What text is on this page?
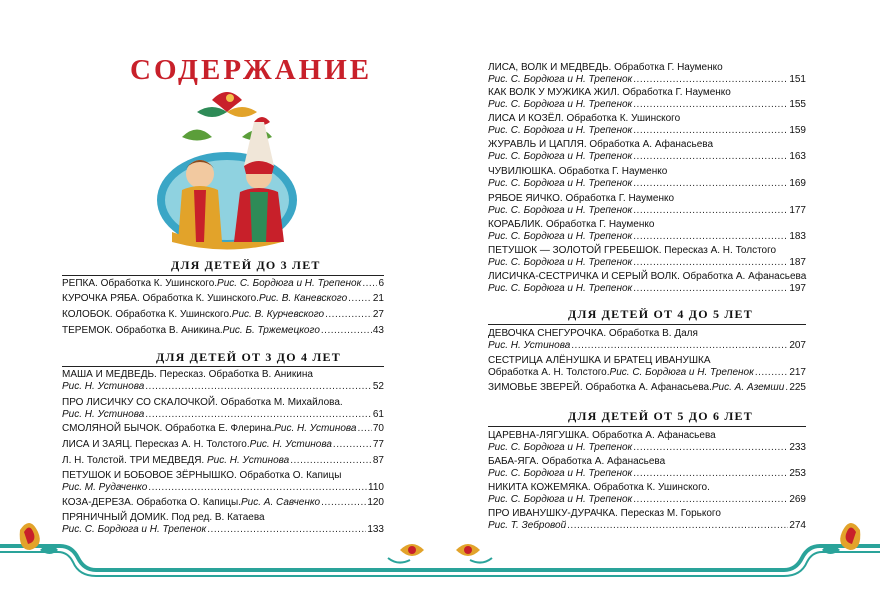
СОДЕРЖАНИЕ
ДЛЯ ДЕТЕЙ ДО 3 ЛЕТ
РЕПКА.
Обработка К. Ушинского. Рис. С. Бордюга и Н. Трепенок ..... 6
КУРОЧКА РЯБА.
Обработка К. Ушинского. Рис. В. Каневского .....	21
КОЛОБОК.
Обработка К. Ушинского. Рис. В. Курчевского .....	27
ТЕРЕМОК.
Обработка В. Аникина. Рис. Б. Тржемецкого .....	43
ДЛЯ ДЕТЕЙ ОТ 3 ДО 4 ЛЕТ
МАША И МЕДВЕДЬ.
Пересказ. Обработка В. Аникина
Рис. Н. Устинова .....	52
ПРО ЛИСИЧКУ СО СКАЛОЧКОЙ.
Обработка М. Михайлова.
Рис. Н. Устинова .....	61
СМОЛЯНОЙ БЫЧОК.
Обработка Е. Флерина. Рис. Н. Устинова ..... 70
ЛИСА И ЗАЯЦ.
Пересказ А. Н. Толстого. Рис. Н. Устинова .....	77
Л. Н. Толстой. ТРИ МЕДВЕДЯ.
Рис. Н. Устинова .....	87
ПЕТУШОК И БОБОВОЕ ЗЁРНЫШКО.
Обработка О. Капицы
Рис. М. Рудаченко .....	110
КОЗА-ДЕРЕЗА.
Обработка О. Капицы. Рис. А. Савченко .....	120
ПРЯНИЧНЫЙ ДОМИК.
Под ред. В. Катаева
Рис. С. Бордюга и Н. Трепенок .....	133
ЛИСА, ВОЛК И МЕДВЕДЬ.
Обработка Г. Науменко
Рис. С. Бордюга и Н. Трепенок .....	151
КАК ВОЛК У МУЖИКА ЖИЛ.
Обработка Г. Науменко
Рис. С. Бордюга и Н. Трепенок .....	155
ЛИСА И КОЗЁЛ.
Обработка К. Ушинского
Рис. С. Бордюга и Н. Трепенок .....	159
ЖУРАВЛЬ И ЦАПЛЯ.
Обработка А. Афанасьева
Рис. С. Бордюга и Н. Трепенок .....	163
ЧУВИЛЮШКА.
Обработка Г. Науменко
Рис. С. Бордюга и Н. Трепенок .....	169
РЯБОЕ ЯИЧКО.
Обработка Г. Науменко
Рис. С. Бордюга и Н. Трепенок .....	177
КОРАБЛИК.
Обработка Г. Науменко
Рис. С. Бордюга и Н. Трепенок .....	183
ПЕТУШОК — ЗОЛОТОЙ ГРЕБЕШОК.
Пересказ А. Н. Толстого
Рис. С. Бордюга и Н. Трепенок .....	187
ЛИСИЧКА-СЕСТРИЧКА И СЕРЫЙ ВОЛК.
Обработка А. Афанасьева
Рис. С. Бордюга и Н. Трепенок .....	197
ДЛЯ ДЕТЕЙ ОТ 4 ДО 5 ЛЕТ
ДЕВОЧКА СНЕГУРОЧКА.
Обработка В. Даля
Рис. Н. Устинова .....	207
СЕСТРИЦА АЛЁНУШКА И БРАТЕЦ ИВАНУШКА
Обработка А. Н. Толстого. Рис. С. Бордюга и Н. Трепенок .....	217
ЗИМОВЬЕ ЗВЕРЕЙ.
Обработка А. Афанасьева. Рис. А. Аземши ..... 225
ДЛЯ ДЕТЕЙ ОТ 5 ДО 6 ЛЕТ
ЦАРЕВНА-ЛЯГУШКА.
Обработка А. Афанасьева
Рис. С. Бордюга и Н. Трепенок .....	233
БАБА-ЯГА.
Обработка А. Афанасьева
Рис. С. Бордюга и Н. Трепенок .....	253
НИКИТА КОЖЕМЯКА.
Обработка К. Ушинского.
Рис. С. Бордюга и Н. Трепенок .....	269
ПРО ИВАНУШКУ-ДУРАЧКА.
Пересказ М. Горького
Рис. Т. Зебровой .....	274
